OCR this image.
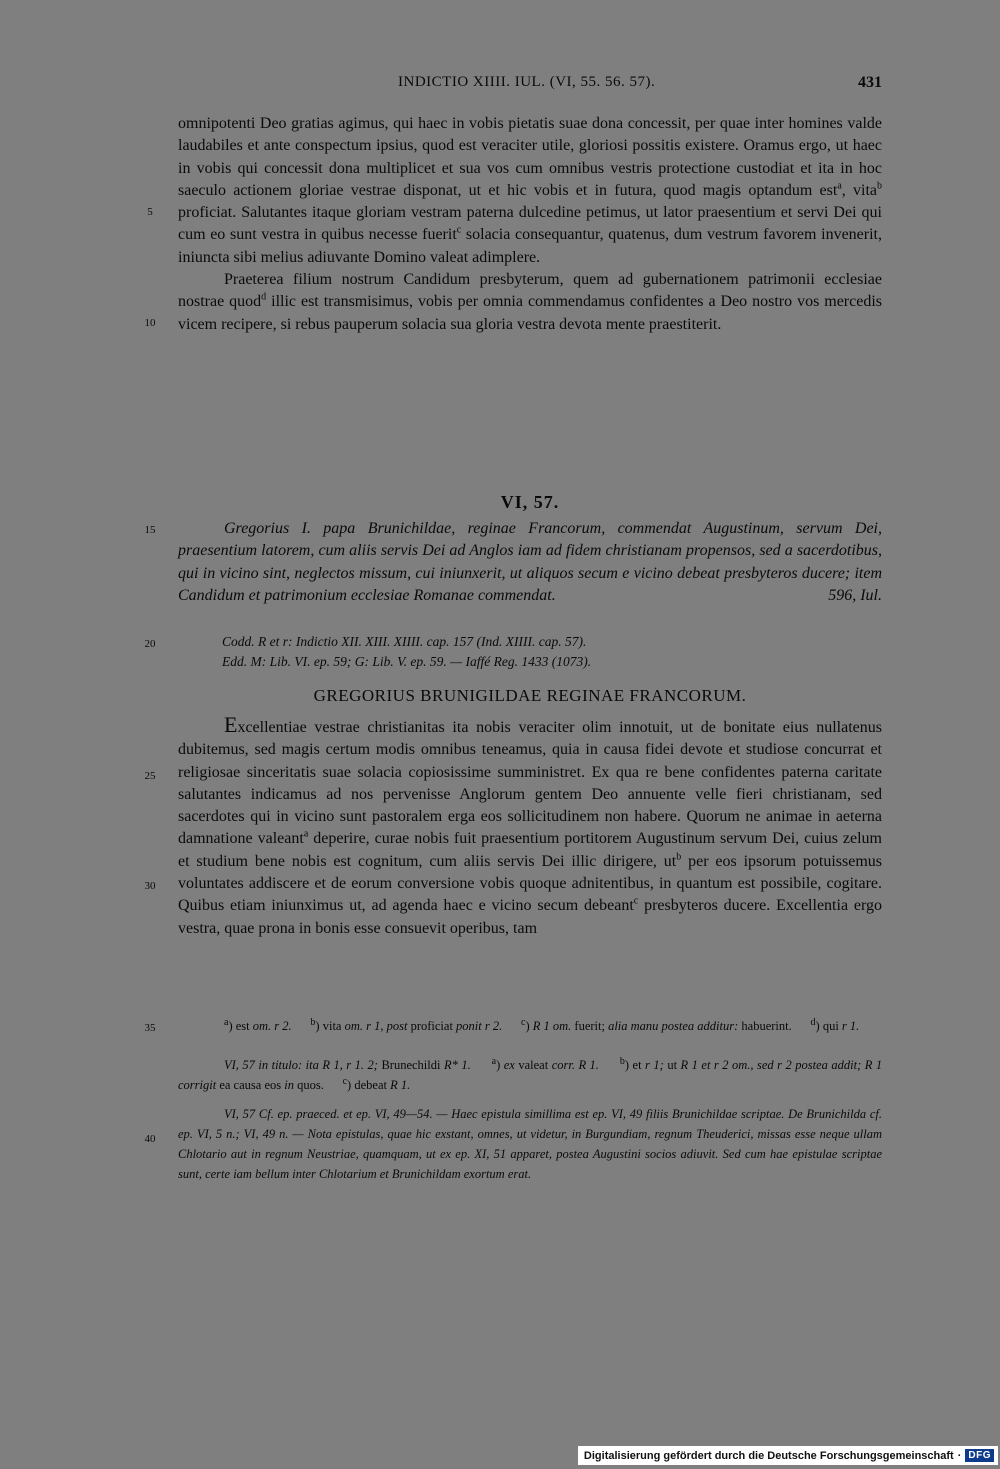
INDICTIO XIIII. IUL. (VI, 55. 56. 57).	431
5
10
15
20
25
30
35
40

omnipotenti Deo gratias agimus, qui haec in vobis pietatis suae dona concessit, per quae inter homines valde laudabiles et ante conspectum ipsius, quod est veraciter utile, gloriosi possitis existere. Oramus ergo, ut haec in vobis qui concessit dona multiplicet et sua vos cum omnibus vestris protectione custodiat et ita in hoc saeculo actionem gloriae vestrae disponat, ut et hic vobis et in futura, quod magis optandum est$^a$, vita$^b$ proficiat. Salutantes itaque gloriam vestram paterna dulcedine petimus, ut lator praesentium et servi Dei qui cum eo sunt vestra in quibus necesse fuerit$^c$ solacia consequantur, quatenus, dum vestrum favorem invenerit, iniuncta sibi melius adiuvante Domino valeat adimplere.

Praeterea filium nostrum Candidum presbyterum, quem ad gubernationem patrimonii ecclesiae nostrae quod$^d$ illic est transmisimus, vobis per omnia commendamus confidentes a Deo nostro vos mercedis vicem recipere, si rebus pauperum solacia sua gloria vestra devota mente praestiterit.

VI, 57.
Gregorius I. papa Brunichildae, reginae Francorum, commendat Augustinum, servum Dei, praesentium latorem, cum aliis servis Dei ad Anglos iam ad fidem christianam propensos, sed a sacerdotibus, qui in vicino sint, neglectos missum, cui iniunxerit, ut aliquos secum e vicino debeat presbyteros ducere; item Candidum et patrimonium ecclesiae Romanae commendat.	596, Iul.
Codd. R et r: Indictio XII. XIII. XIIII. cap. 157 (Ind. XIIII. cap. 57).
Edd. M: Lib. VI. ep. 59; G: Lib. V. ep. 59. — Iaffé Reg. 1433 (1073).
GREGORIUS BRUNIGILDAE REGINAE FRANCORUM.

Excellentiae vestrae christianitas ita nobis veraciter olim innotuit, ut de bonitate eius nullatenus dubitemus, sed magis certum modis omnibus teneamus, quia in causa fidei devote et studiose concurrat et religiosae sinceritatis suae solacia copiosissime sumministret. Ex qua re bene confidentes paterna caritate salutantes indicamus ad nos pervenisse Anglorum gentem Deo annuente velle fieri christianam, sed sacerdotes qui in vicino sunt pastoralem erga eos sollicitudinem non habere. Quorum ne animae in aeterna damnatione valeant$^a$ deperire, curae nobis fuit praesentium portitorem Augustinum servum Dei, cuius zelum et studium bene nobis est cognitum, cum aliis servis Dei illic dirigere, $ut^b$ per eos ipsorum potuissemus voluntates addiscere et de eorum conversione vobis quoque adnitentibus, in quantum est possibile, cogitare. Quibus etiam iniunximus ut, ad agenda haec e vicino secum debeant$^c$ presbyteros ducere. Excellentia ergo vestra, quae prona in bonis esse consuevit operibus, tam

$^a$) est om. r 2. $^b$) vita om. r 1, post proficiat ponit r 2. $^c$) R 1 om. fuerit; alia manu postea additur: habuerint. $^d$) qui r 1.
VI, 57 in titulo: ita R 1, r 1. 2; Brunechildi R* 1. $^a$) ex valeat corr. R 1. $^b$) et r 1; ut R 1 et r 2 om., sed r 2 postea addit; R 1 corrigit ea causa eos in quos. $^c$) debeat R 1.
VI, 57 Cf. ep. praeced. et ep. VI, 49—54. — Haec epistula simillima est ep. VI, 49 filiis Brunichildae scriptae. De Brunichilda cf. ep. VI, 5 n.; VI, 49 n. — Nota epistulas, quae hic exstant, omnes, ut videtur, in Burgundiam, regnum Theuderici, missas esse neque ullam Chlotario aut in regnum Neustriae, quamquam, ut ex ep. XI, 51 apparet, postea Augustini socios adiuvit. Sed cum hae epistulae scriptae sunt, certe iam bellum inter Chlotarium et Brunichildam exortum erat.
Digitalisierung gefördert durch die Deutsche Forschungsgemeinschaft · DFG
